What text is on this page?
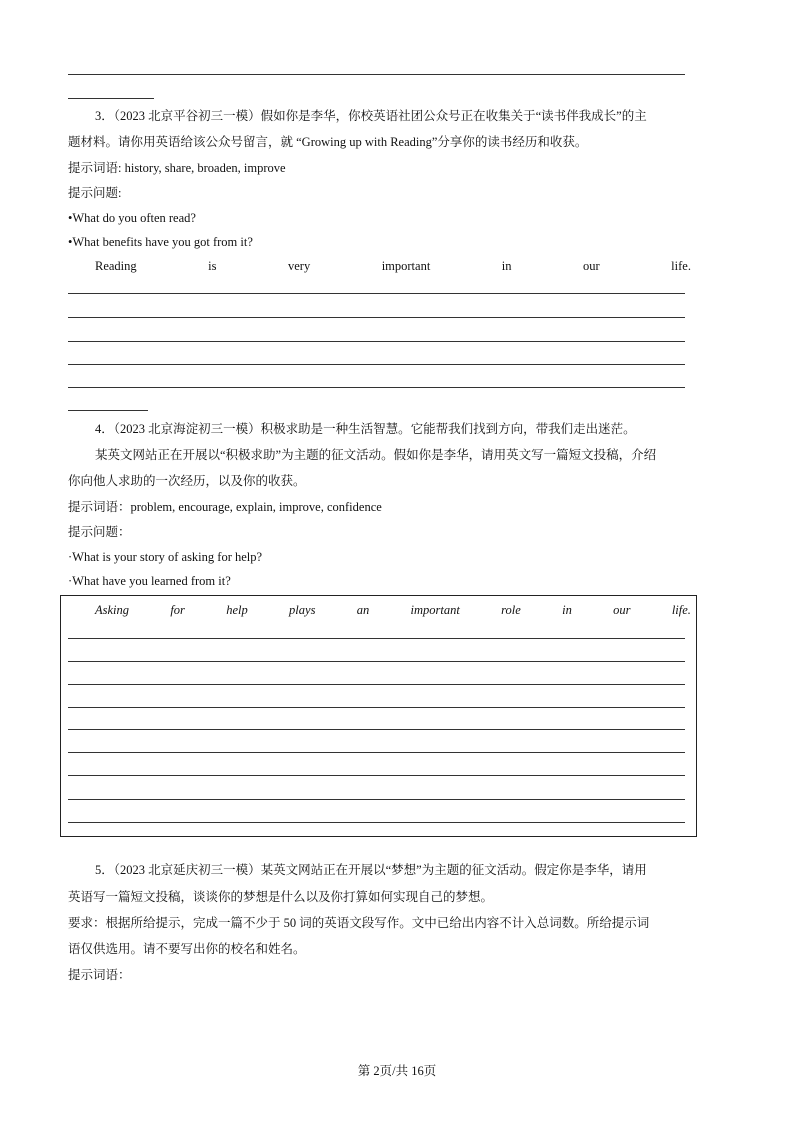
3．（2023 北京平谷初三一模）假如你是李华，你校英语社团公众号正在收集关于“读书伴我成长”的主
题材料。请你用英语给该公众号留言，就 “Growing up with Reading”分享你的读书经历和收获。
提示词语: history, share, broaden, improve
提示问题:
•What do you often read?
•What benefits have you got from it?
Reading	is	very	important	in	our	life.
4．（2023 北京海淀初三一模）积极求助是一种生活智慧。它能帮我们找到方向，带我们走出迷茫。
某英文网站正在开展以“积极求助”为主题的征文活动。假如你是李华，请用英文写一篇短文投稿，介绍
你向他人求助的一次经历，以及你的收获。
提示词语：problem, encourage, explain, improve, confidence
提示问题：
·What is your story of asking for help?
·What have you learned from it?
Asking	for	help	plays	an	important	role	in	our	life.
5．（2023 北京延庆初三一模）某英文网站正在开展以“梦想”为主题的征文活动。假定你是李华，请用
英语写一篇短文投稿，谈谈你的梦想是什么以及你打算如何实现自己的梦想。
要求：根据所给提示，完成一篇不少于 50 词的英语文段写作。文中已给出内容不计入总词数。所给提示词
语仅供选用。请不要写出你的校名和姓名。
提示词语：
第 2页/共 16页
